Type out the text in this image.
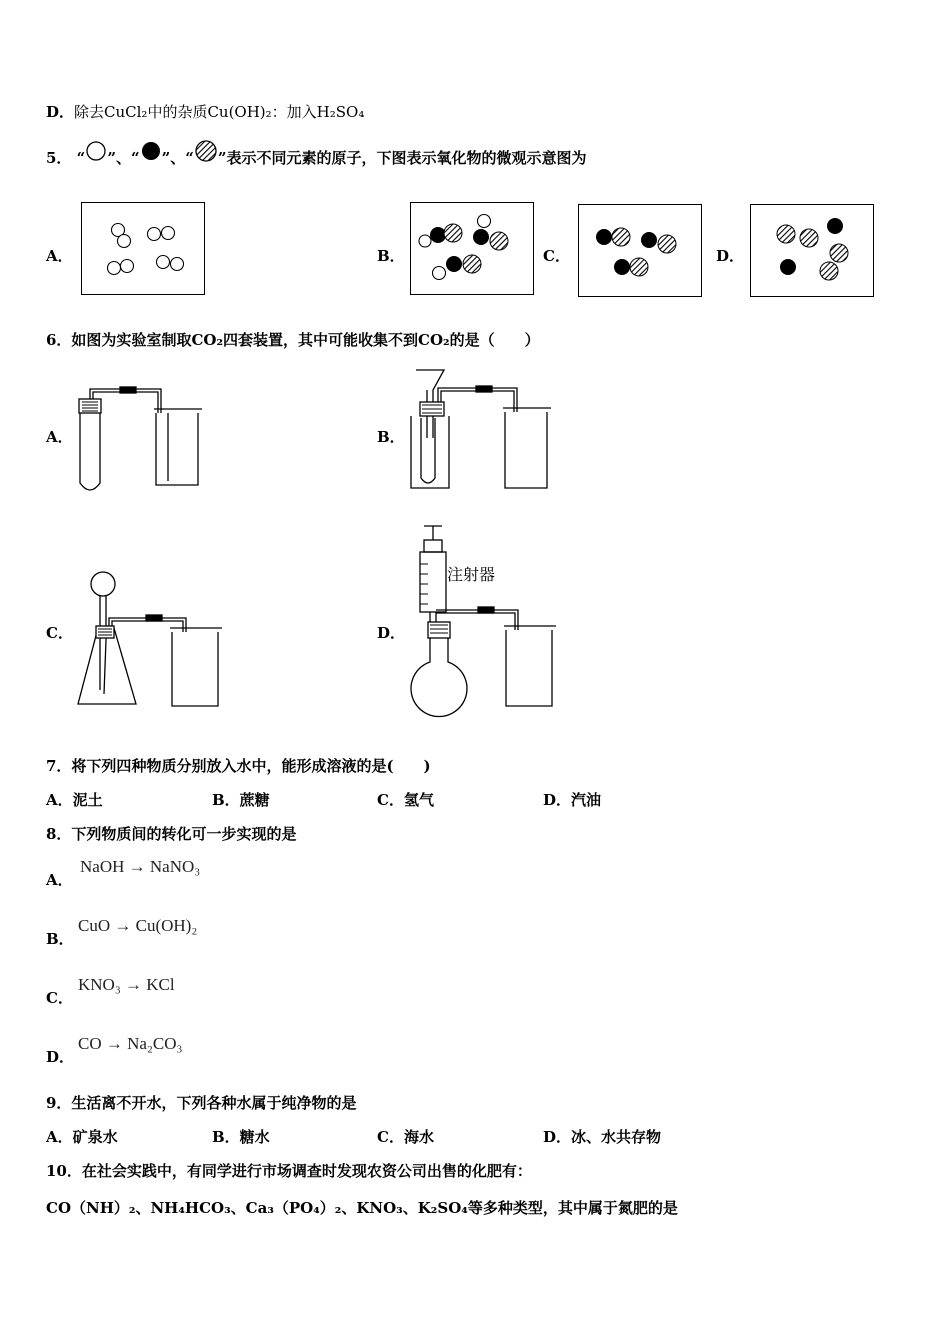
D．除去CuCl₂中的杂质Cu(OH)₂：加入H₂SO₄
5． “ ”、“ ”、“ ”表示不同元素的原子，下图表示氧化物的微观示意图为
A．	B．	C．	D．
6．如图为实验室制取CO₂四套装置，其中可能收集不到CO₂的是（　　）
A．	B．
C．	D．
注射器
7．将下列四种物质分别放入水中，能形成溶液的是(　　)
A．泥土	B．蔗糖	C．氢气	D．汽油
8．下列物质间的转化可一步实现的是
A．
NaOH → NaNO₃
B．
CuO → Cu(OH)₂
C．
KNO₃ → KCl
D．
CO → Na₂CO₃
9．生活离不开水，下列各种水属于纯净物的是
A．矿泉水	B．糖水	C．海水	D．冰、水共存物
10．在社会实践中，有同学进行市场调查时发现农资公司出售的化肥有：
CO（NH）₂、NH₄HCO₃、Ca₃（PO₄）₂、KNO₃、K₂SO₄等多种类型，其中属于氮肥的是
